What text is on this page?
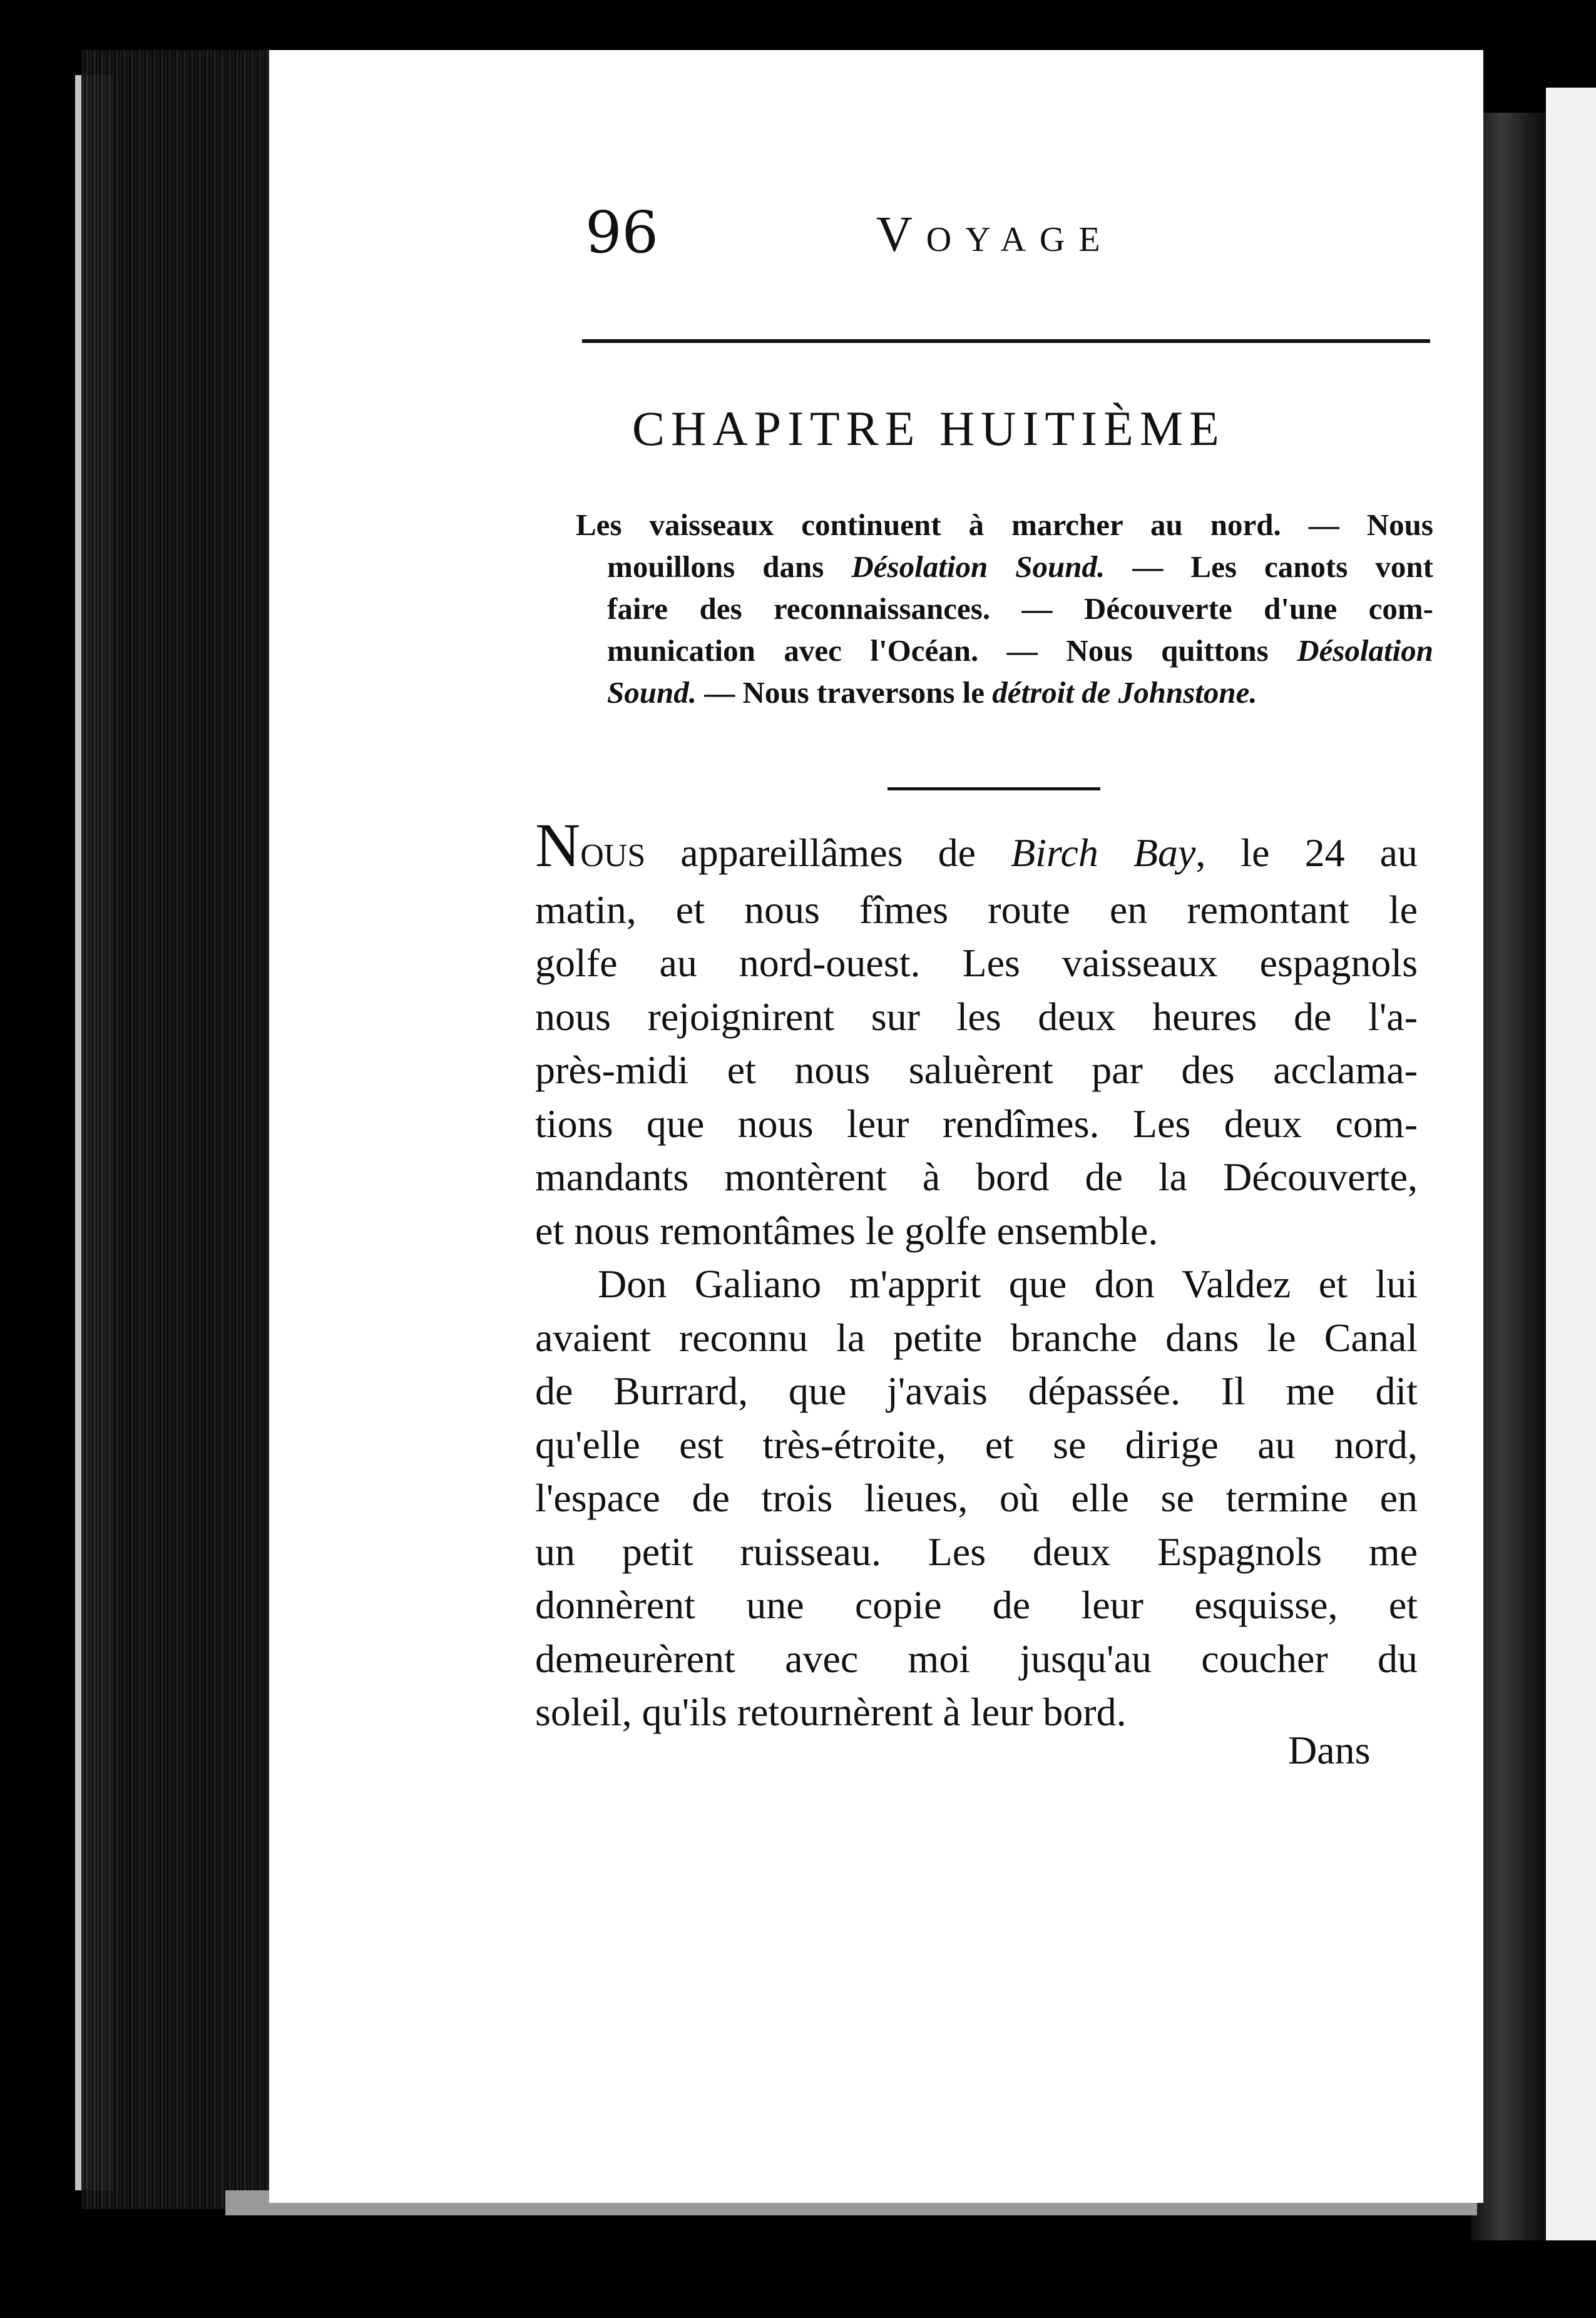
96	VOYAGE
CHAPITRE HUITIÈME
Les vaisseaux continuent à marcher au nord. — Nous
mouillons dans Désolation Sound. — Les canots vont
faire des reconnaissances. — Découverte d'une com-
munication avec l'Océan. — Nous quittons Désolation
Sound. — Nous traversons le détroit de Johnstone.
NOUS appareillâmes de Birch Bay, le 24 au
matin, et nous fîmes route en remontant le
golfe au nord-ouest. Les vaisseaux espagnols
nous rejoignirent sur les deux heures de l'a-
près-midi et nous saluèrent par des acclama-
tions que nous leur rendîmes. Les deux com-
mandants montèrent à bord de la Découverte,
et nous remontâmes le golfe ensemble.
Don Galiano m'apprit que don Valdez et lui
avaient reconnu la petite branche dans le Canal
de Burrard, que j'avais dépassée. Il me dit
qu'elle est très-étroite, et se dirige au nord,
l'espace de trois lieues, où elle se termine en
un petit ruisseau. Les deux Espagnols me
donnèrent une copie de leur esquisse, et
demeurèrent avec moi jusqu'au coucher du
soleil, qu'ils retournèrent à leur bord.
Dans
